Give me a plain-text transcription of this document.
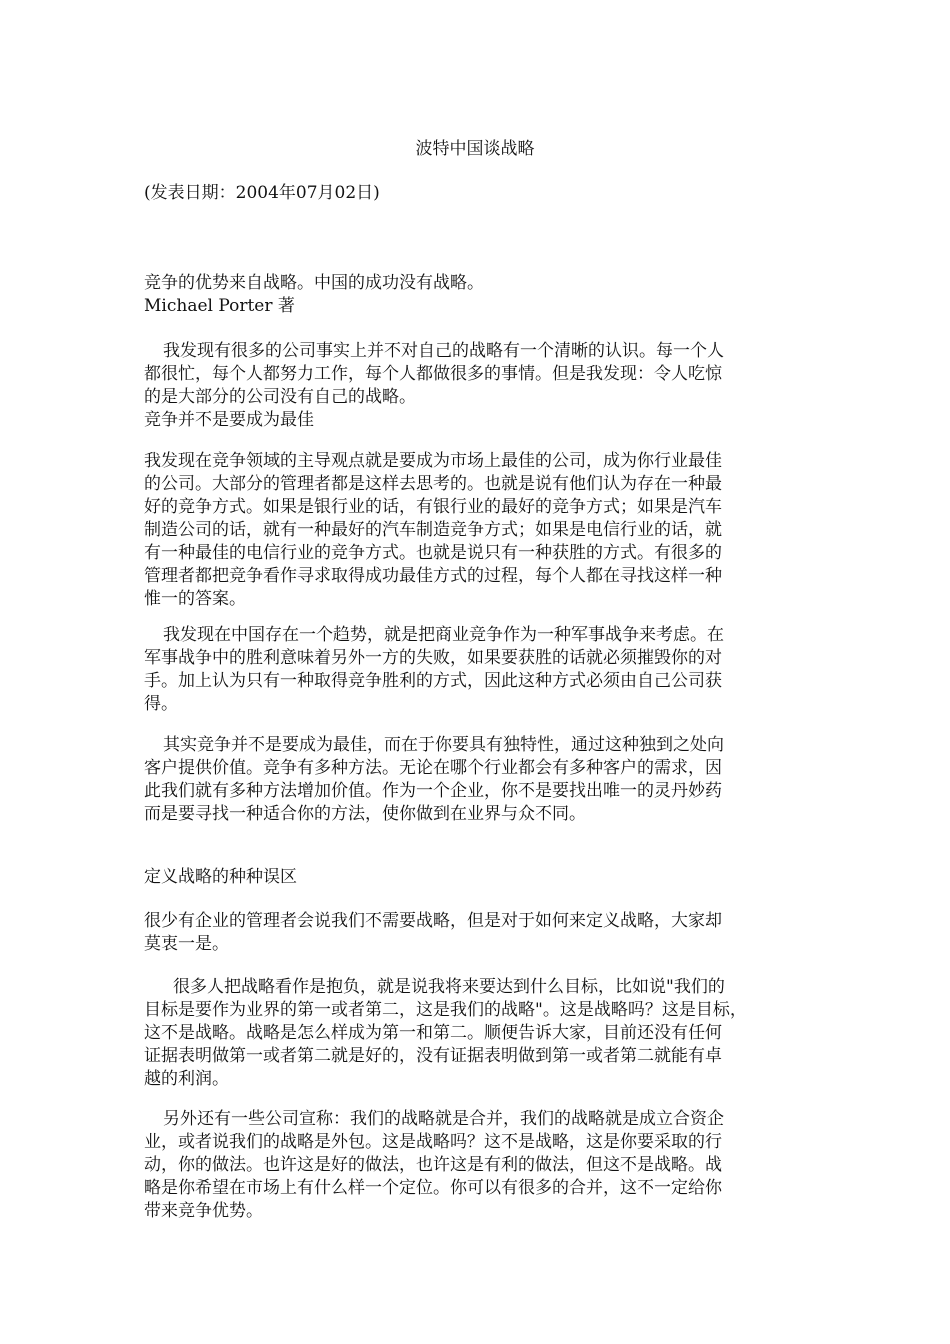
波特中国谈战略

(发表日期：2004年07月02日)

竞争的优势来自战略。中国的成功没有战略。
Michael Porter 著

我发现有很多的公司事实上并不对自己的战略有一个清晰的认识。每一个人
都很忙，每个人都努力工作，每个人都做很多的事情。但是我发现：令人吃惊
的是大部分的公司没有自己的战略。
竞争并不是要成为最佳

我发现在竞争领域的主导观点就是要成为市场上最佳的公司，成为你行业最佳
的公司。大部分的管理者都是这样去思考的。也就是说有他们认为存在一种最
好的竞争方式。如果是银行业的话，有银行业的最好的竞争方式；如果是汽车
制造公司的话，就有一种最好的汽车制造竞争方式；如果是电信行业的话，就
有一种最佳的电信行业的竞争方式。也就是说只有一种获胜的方式。有很多的
管理者都把竞争看作寻求取得成功最佳方式的过程，每个人都在寻找这样一种
惟一的答案。

我发现在中国存在一个趋势，就是把商业竞争作为一种军事战争来考虑。在
军事战争中的胜利意味着另外一方的失败，如果要获胜的话就必须摧毁你的对
手。加上认为只有一种取得竞争胜利的方式，因此这种方式必须由自己公司获
得。

其实竞争并不是要成为最佳，而在于你要具有独特性，通过这种独到之处向
客户提供价值。竞争有多种方法。无论在哪个行业都会有多种客户的需求，因
此我们就有多种方法增加价值。作为一个企业，你不是要找出唯一的灵丹妙药
而是要寻找一种适合你的方法，使你做到在业界与众不同。

定义战略的种种误区

很少有企业的管理者会说我们不需要战略，但是对于如何来定义战略，大家却
莫衷一是。

很多人把战略看作是抱负，就是说我将来要达到什么目标，比如说"我们的
目标是要作为业界的第一或者第二，这是我们的战略"。这是战略吗？这是目标，
这不是战略。战略是怎么样成为第一和第二。顺便告诉大家，目前还没有任何
证据表明做第一或者第二就是好的，没有证据表明做到第一或者第二就能有卓
越的利润。

另外还有一些公司宣称：我们的战略就是合并，我们的战略就是成立合资企
业，或者说我们的战略是外包。这是战略吗？这不是战略，这是你要采取的行
动，你的做法。也许这是好的做法，也许这是有利的做法，但这不是战略。战
略是你希望在市场上有什么样一个定位。你可以有很多的合并，这不一定给你
带来竞争优势。
